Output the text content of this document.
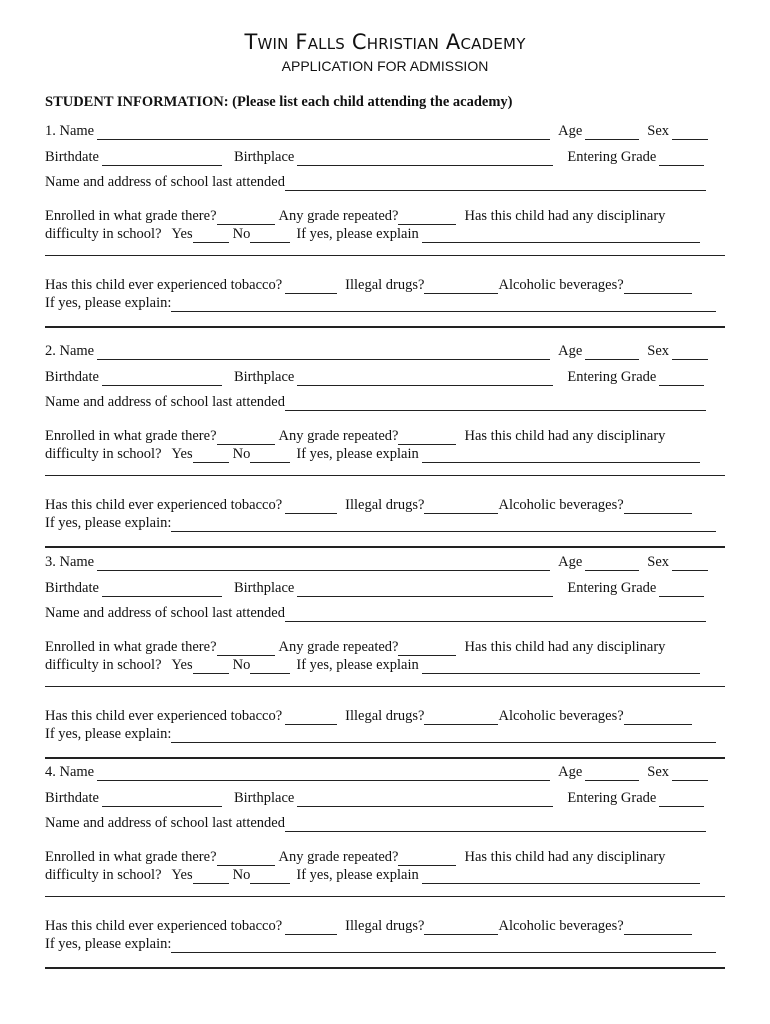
Twin Falls Christian Academy
APPLICATION FOR ADMISSION
STUDENT INFORMATION: (Please list each child attending the academy)
1. Name	Age	Sex
Birthdate	Birthplace	Entering Grade
Name and address of school last attended
Enrolled in what grade there?	Any grade repeated?	Has this child had any disciplinary
difficulty in school? Yes	No	If yes, please explain
Has this child ever experienced tobacco?	Illegal drugs?	Alcoholic beverages?
If yes, please explain:
2. Name	Age	Sex
Birthdate	Birthplace	Entering Grade
Name and address of school last attended
Enrolled in what grade there?	Any grade repeated?	Has this child had any disciplinary
difficulty in school? Yes	No	If yes, please explain
Has this child ever experienced tobacco?	Illegal drugs?	Alcoholic beverages?
If yes, please explain:
3. Name	Age	Sex
Birthdate	Birthplace	Entering Grade
Name and address of school last attended
Enrolled in what grade there?	Any grade repeated?	Has this child had any disciplinary
difficulty in school? Yes	No	If yes, please explain
Has this child ever experienced tobacco?	Illegal drugs?	Alcoholic beverages?
If yes, please explain:
4. Name	Age	Sex
Birthdate	Birthplace	Entering Grade
Name and address of school last attended
Enrolled in what grade there?	Any grade repeated?	Has this child had any disciplinary
difficulty in school? Yes	No	If yes, please explain
Has this child ever experienced tobacco?	Illegal drugs?	Alcoholic beverages?
If yes, please explain:
